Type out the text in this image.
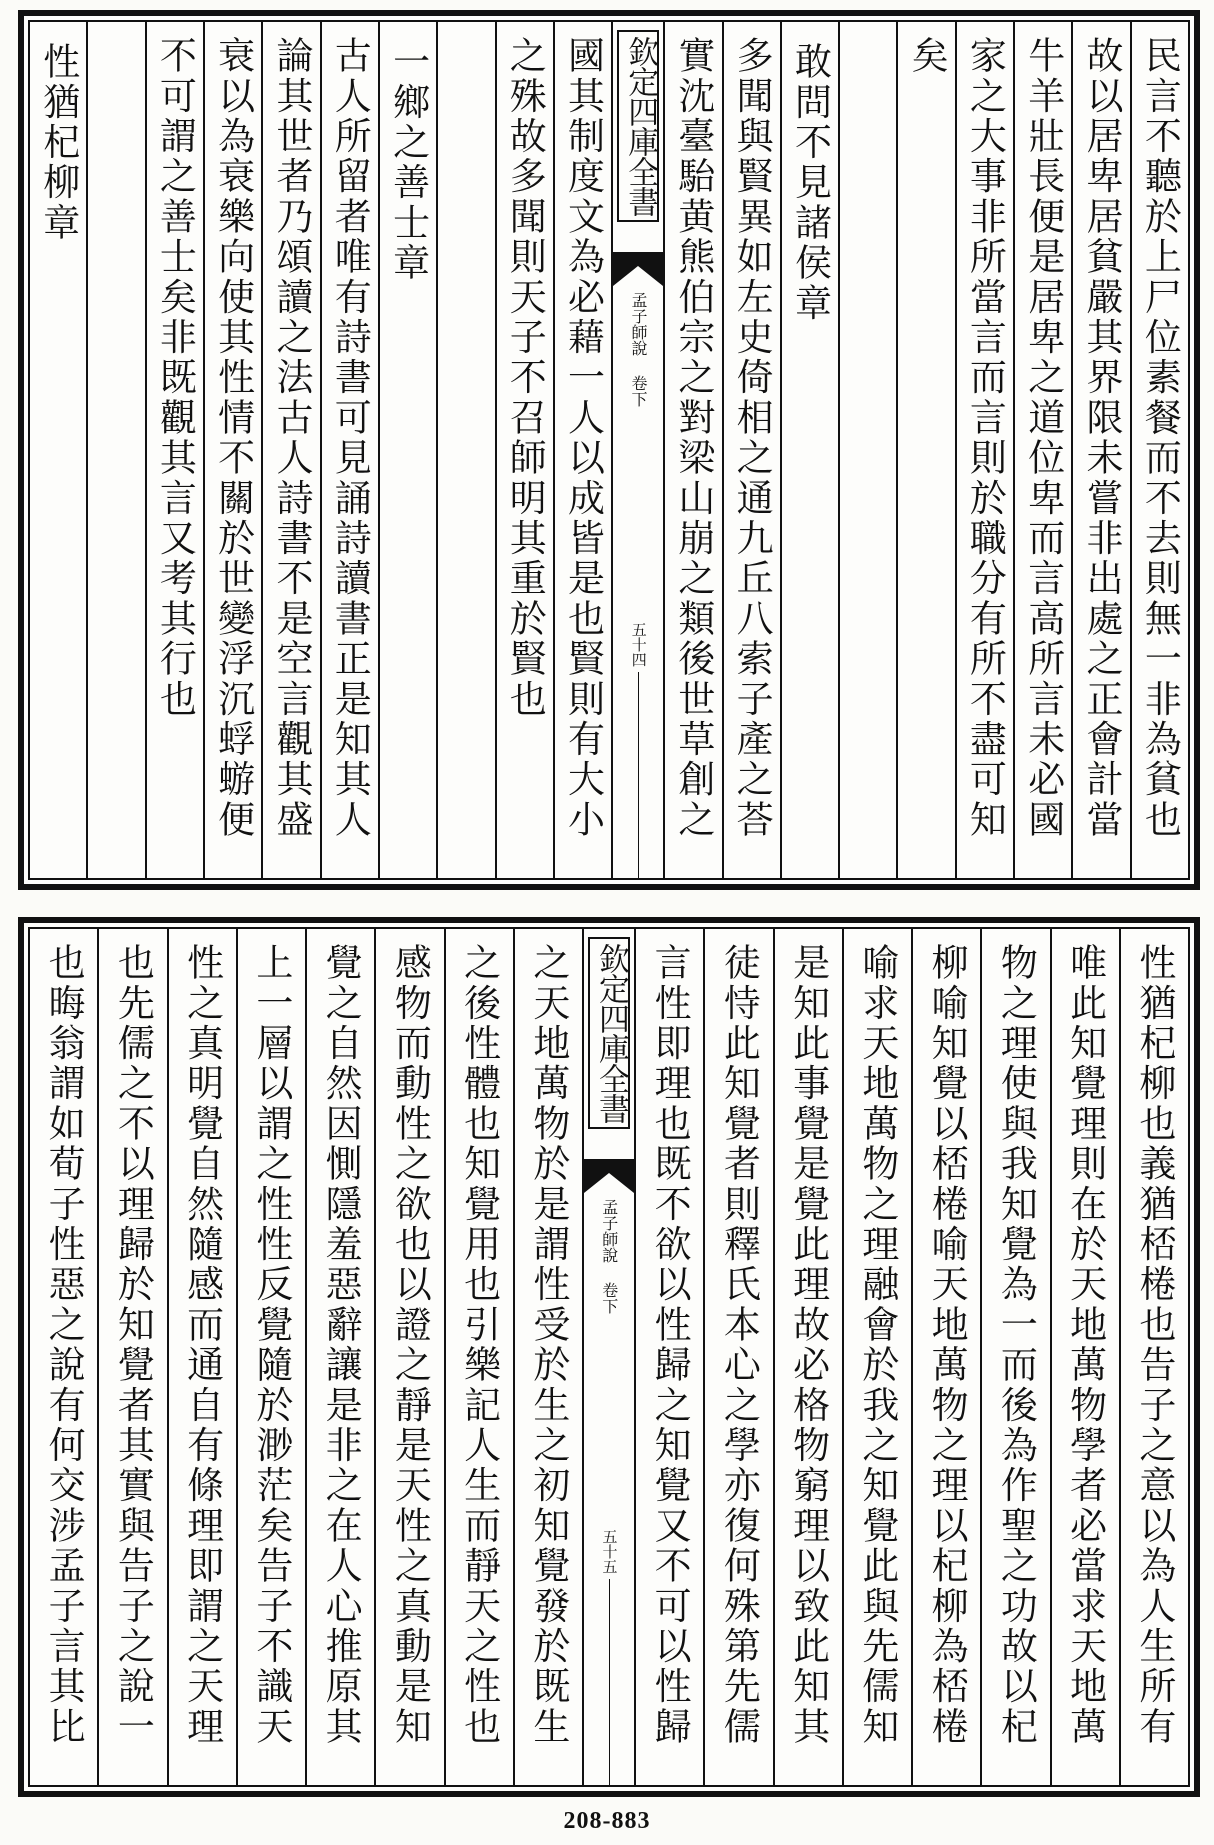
民言不聽於上尸位素餐而不去則無一非為貧也
故以居卑居貧嚴其界限未嘗非出處之正會計當
牛羊壯長便是居卑之道位卑而言高所言未必國
家之大事非所當言而言則於職分有所不盡可知
矣
敢問不見諸侯章
多聞與賢異如左史倚相之通九丘八索子產之荅
實沈臺駘黄熊伯宗之對梁山崩之類後世草創之
欽定四庫全書
孟子師說 卷下
五十四
國其制度文為必藉一人以成皆是也賢則有大小
之殊故多聞則天子不召師明其重於賢也
一鄉之善士章
古人所留者唯有詩書可見誦詩讀書正是知其人
論其世者乃頌讀之法古人詩書不是空言觀其盛
衰以為衰樂向使其性情不關於世變浮沉蜉蝣便
不可謂之善士矣非既觀其言又考其行也
性猶杞柳章
性猶杞柳也義猶桮棬也告子之意以為人生所有
唯此知覺理則在於天地萬物學者必當求天地萬
物之理使與我知覺為一而後為作聖之功故以杞
柳喻知覺以桮棬喻天地萬物之理以杞柳為桮棬
喻求天地萬物之理融會於我之知覺此與先儒知
是知此事覺是覺此理故必格物窮理以致此知其
徒恃此知覺者則釋氏本心之學亦復何殊第先儒
言性即理也既不欲以性歸之知覺又不可以性歸
欽定四庫全書
孟子師說 卷下
五十五
之天地萬物於是謂性受於生之初知覺發於既生
之後性體也知覺用也引樂記人生而靜天之性也
感物而動性之欲也以證之靜是天性之真動是知
覺之自然因惻隱羞惡辭讓是非之在人心推原其
上一層以謂之性性反覺隨於渺茫矣告子不識天
性之真明覺自然隨感而通自有條理即謂之天理
也先儒之不以理歸於知覺者其實與告子之說一
也晦翁謂如荀子性惡之說有何交涉孟子言其比
208-883
